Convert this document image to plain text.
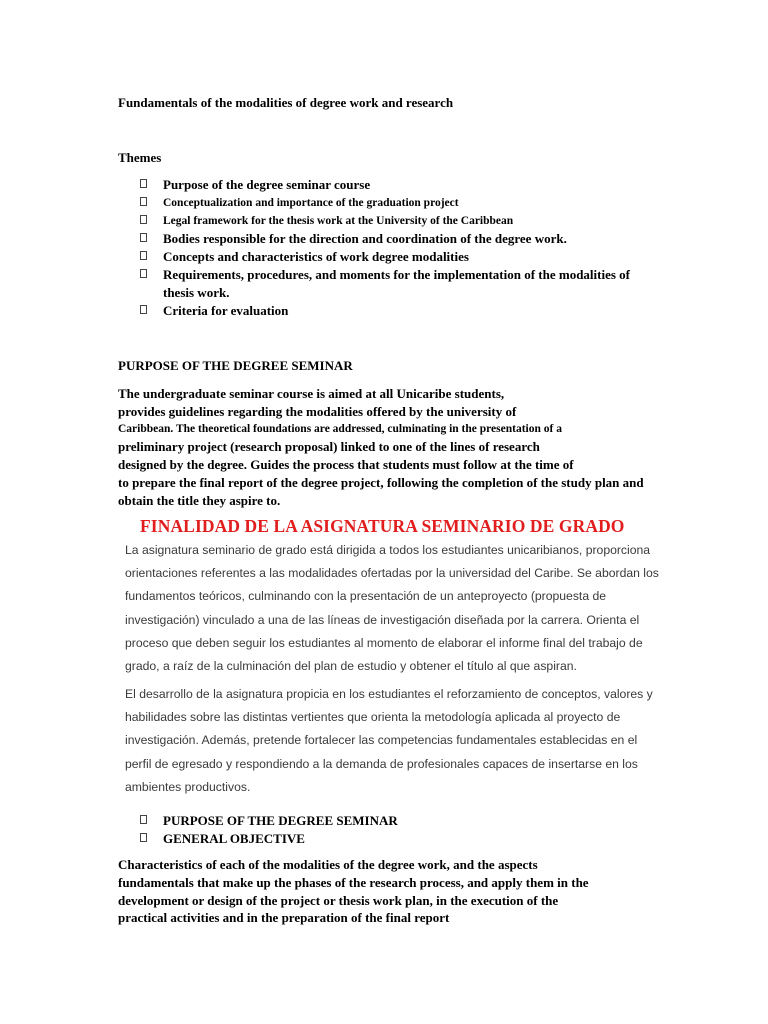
Fundamentals of the modalities of degree work and research
Themes
Purpose of the degree seminar course
Conceptualization and importance of the graduation project
Legal framework for the thesis work at the University of the Caribbean
Bodies responsible for the direction and coordination of the degree work.
Concepts and characteristics of work degree modalities
Requirements, procedures, and moments for the implementation of the modalities of
thesis work.
Criteria for evaluation
PURPOSE OF THE DEGREE SEMINAR
The undergraduate seminar course is aimed at all Unicaribe students,
provides guidelines regarding the modalities offered by the university of
Caribbean. The theoretical foundations are addressed, culminating in the presentation of a
preliminary project (research proposal) linked to one of the lines of research
designed by the degree. Guides the process that students must follow at the time of
to prepare the final report of the degree project, following the completion of the study plan and
obtain the title they aspire to.
FINALIDAD DE LA ASIGNATURA SEMINARIO DE GRADO
La asignatura seminario de grado está dirigida a todos los estudiantes unicaribianos, proporciona
orientaciones referentes a las modalidades ofertadas por la universidad del Caribe. Se abordan los
fundamentos teóricos, culminando con la presentación de un anteproyecto (propuesta de
investigación) vinculado a una de las líneas de investigación diseñada por la carrera. Orienta el
proceso que deben seguir los estudiantes al momento de elaborar el informe final del trabajo de
grado, a raíz de la culminación del plan de estudio y obtener el título al que aspiran.
El desarrollo de la asignatura propicia en los estudiantes el reforzamiento de conceptos, valores y
habilidades sobre las distintas vertientes que orienta la metodología aplicada al proyecto de
investigación. Además, pretende fortalecer las competencias fundamentales establecidas en el
perfil de egresado y respondiendo a la demanda de profesionales capaces de insertarse en los
ambientes productivos.
PURPOSE OF THE DEGREE SEMINAR
GENERAL OBJECTIVE
Characteristics of each of the modalities of the degree work, and the aspects
fundamentals that make up the phases of the research process, and apply them in the
development or design of the project or thesis work plan, in the execution of the
practical activities and in the preparation of the final report
